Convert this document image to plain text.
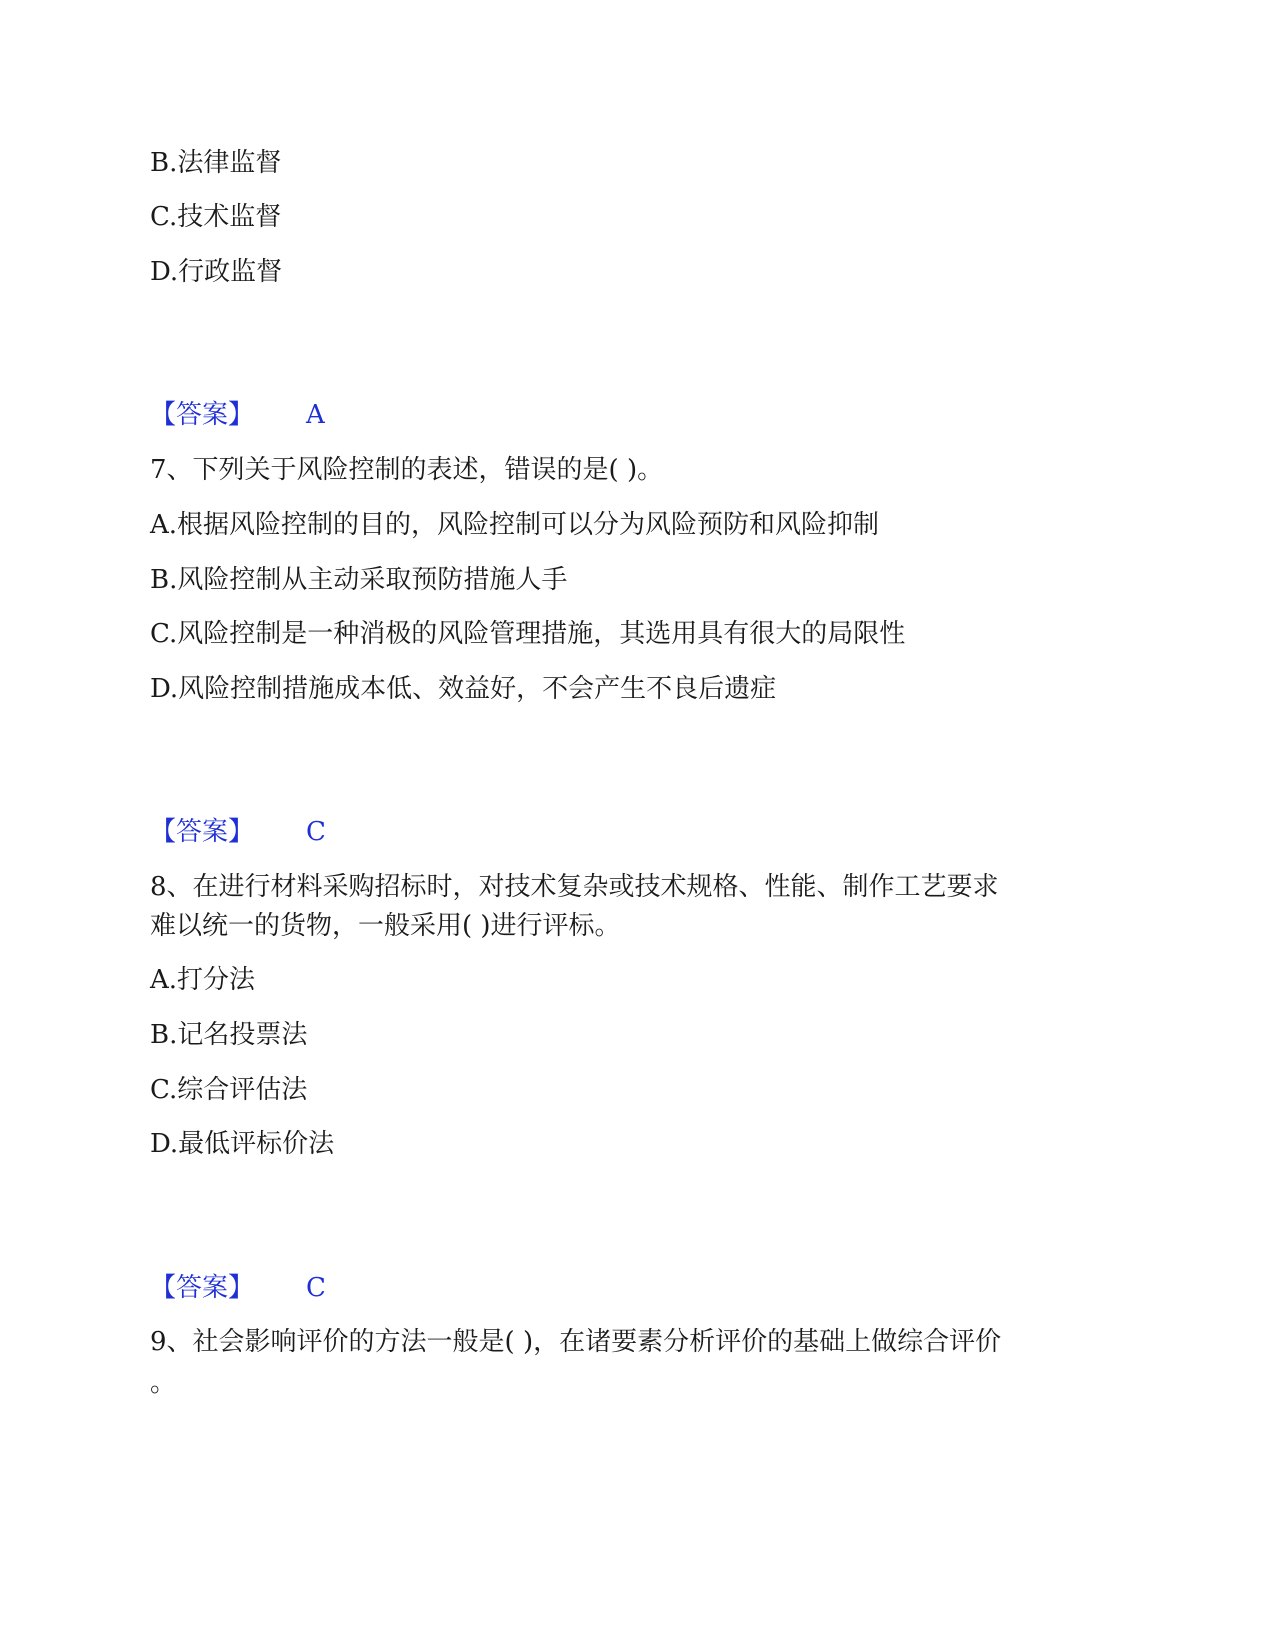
B.法律监督
C.技术监督
D.行政监督
【答案】 A
7、下列关于风险控制的表述，错误的是( )。
A.根据风险控制的目的，风险控制可以分为风险预防和风险抑制
B.风险控制从主动采取预防措施人手
C.风险控制是一种消极的风险管理措施，其选用具有很大的局限性
D.风险控制措施成本低、效益好，不会产生不良后遗症
【答案】 C
8、在进行材料采购招标时，对技术复杂或技术规格、性能、制作工艺要求
难以统一的货物，一般采用( )进行评标。
A.打分法
B.记名投票法
C.综合评估法
D.最低评标价法
【答案】 C
9、社会影响评价的方法一般是( )，在诸要素分析评价的基础上做综合评价
。
